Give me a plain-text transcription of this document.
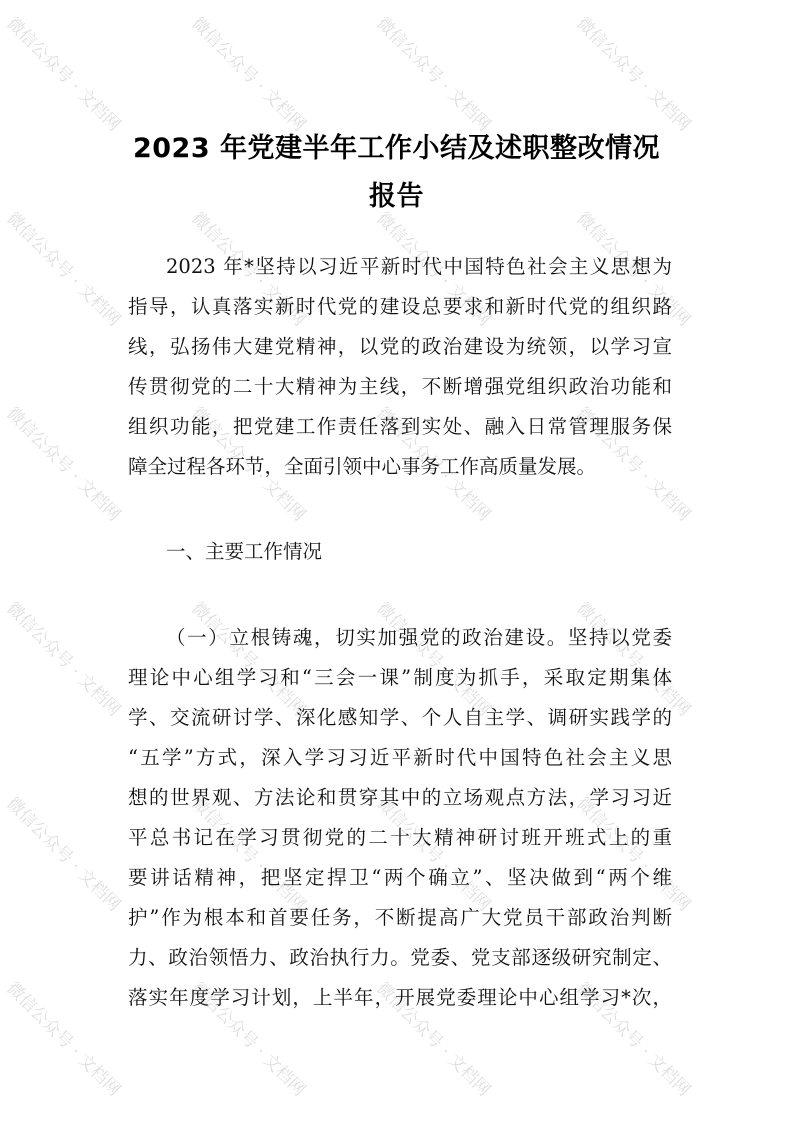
微信公众号 · 文档网	微信公众号 · 文档网	微信公众号 · 文档网	微信公众号 · 文档网
微信公众号 · 文档网	微信公众号 · 文档网	微信公众号 · 文档网	微信公众号 · 文档网
微信公众号 · 文档网	微信公众号 · 文档网	微信公众号 · 文档网	微信公众号 · 文档网
微信公众号 · 文档网	微信公众号 · 文档网	微信公众号 · 文档网	微信公众号 · 文档网
微信公众号 · 文档网	微信公众号 · 文档网	微信公众号 · 文档网	微信公众号 · 文档网
微信公众号 · 文档网	微信公众号 · 文档网	微信公众号 · 文档网	微信公众号 · 文档网
2023 年党建半年工作小结及述职整改情况
报告
2023 年*坚持以习近平新时代中国特色社会主义思想为
指导，认真落实新时代党的建设总要求和新时代党的组织路
线，弘扬伟大建党精神，以党的政治建设为统领，以学习宣
传贯彻党的二十大精神为主线，不断增强党组织政治功能和
组织功能，把党建工作责任落到实处、融入日常管理服务保
障全过程各环节，全面引领中心事务工作高质量发展。
一、主要工作情况
（一）立根铸魂，切实加强党的政治建设。坚持以党委
理论中心组学习和“三会一课”制度为抓手，采取定期集体
学、交流研讨学、深化感知学、个人自主学、调研实践学的
“五学”方式，深入学习习近平新时代中国特色社会主义思
想的世界观、方法论和贯穿其中的立场观点方法，学习习近
平总书记在学习贯彻党的二十大精神研讨班开班式上的重
要讲话精神，把坚定捍卫“两个确立”、坚决做到“两个维
护”作为根本和首要任务，不断提高广大党员干部政治判断
力、政治领悟力、政治执行力。党委、党支部逐级研究制定、
落实年度学习计划，上半年，开展党委理论中心组学习*次，
